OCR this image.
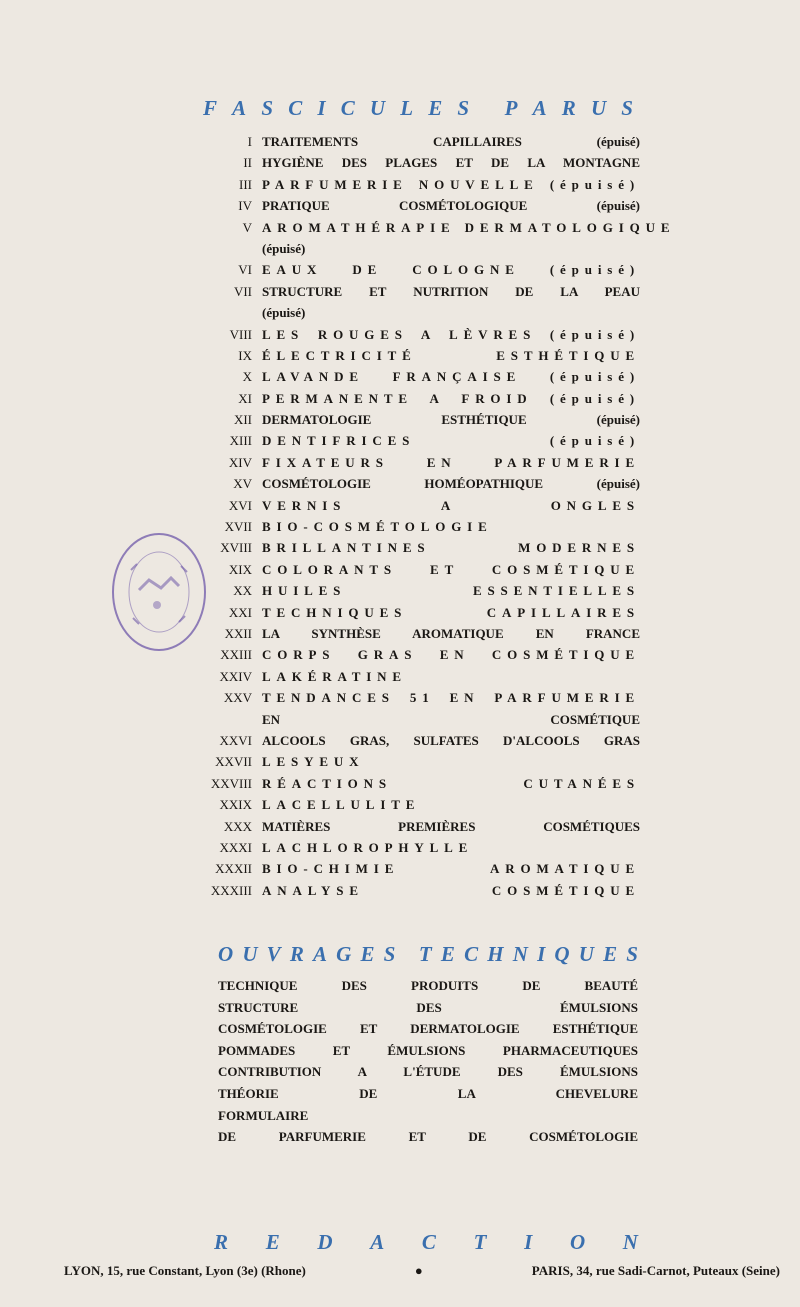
F A S C I C U L E S
P A R U S
I TRAITEMENTS CAPILLAIRES (épuisé)
II HYGIÈNE DES PLAGES ET DE LA MONTAGNE
III PARFUMERIE NOUVELLE (épuisé)
IV PRATIQUE COSMÉTOLOGIQUE (épuisé)
V AROMATHÉRAPIE DERMATOLOGIQUE
(épuisé)
VI EAUX DE COLOGNE (épuisé)
VII STRUCTURE ET NUTRITION DE LA PEAU
(épuisé)
VIII LES ROUGES A LÈVRES (épuisé)
IX ÉLECTRICITÉ ESTHÉTIQUE
X LAVANDE FRANÇAISE (épuisé)
XI PERMANENTE A FROID (épuisé)
XII DERMATOLOGIE ESTHÉTIQUE (épuisé)
XIII DENTIFRICES (épuisé)
XIV FIXATEURS EN PARFUMERIE
XV COSMÉTOLOGIE HOMÉOPATHIQUE (épuisé)
XVI VERNIS A ONGLES
XVII BIO-COSMÉTOLOGIE
XVIII BRILLANTINES MODERNES
XIX COLORANTS ET COSMÉTIQUE
XX HUILES ESSENTIELLES
XXI TECHNIQUES CAPILLAIRES
XXII LA SYNTHÈSE AROMATIQUE EN FRANCE
XXIII CORPS GRAS EN COSMÉTIQUE
XXIV LAKÉRATINE
XXV TENDANCES 51 EN PARFUMERIE
EN COSMÉTIQUE
XXVI ALCOOLS GRAS, SULFATES D'ALCOOLS GRAS
XXVII LESYEUX
XXVIII RÉACTIONS CUTANÉES
XXIX LACELLULITE
XXX MATIÈRES PREMIÈRES COSMÉTIQUES
XXXI LACHLOROPHYLLE
XXXII BIO-CHIMIE AROMATIQUE
XXXIII ANALYSE COSMÉTIQUE
O U V R A G E S
T E C H N I Q U E S
TECHNIQUE DES PRODUITS DE BEAUTÉ
STRUCTURE DES ÉMULSIONS
COSMÉTOLOGIE ET DERMATOLOGIE ESTHÉTIQUE
POMMADES ET ÉMULSIONS PHARMACEUTIQUES
CONTRIBUTION A L'ÉTUDE DES ÉMULSIONS
THÉORIE DE LA CHEVELURE
FORMULAIRE
DE PARFUMERIE ET DE COSMÉTOLOGIE
R E D A C T I O N
LYON, 15, rue Constant, Lyon (3e) (Rhone)	●	PARIS, 34, rue Sadi-Carnot, Puteaux (Seine)
